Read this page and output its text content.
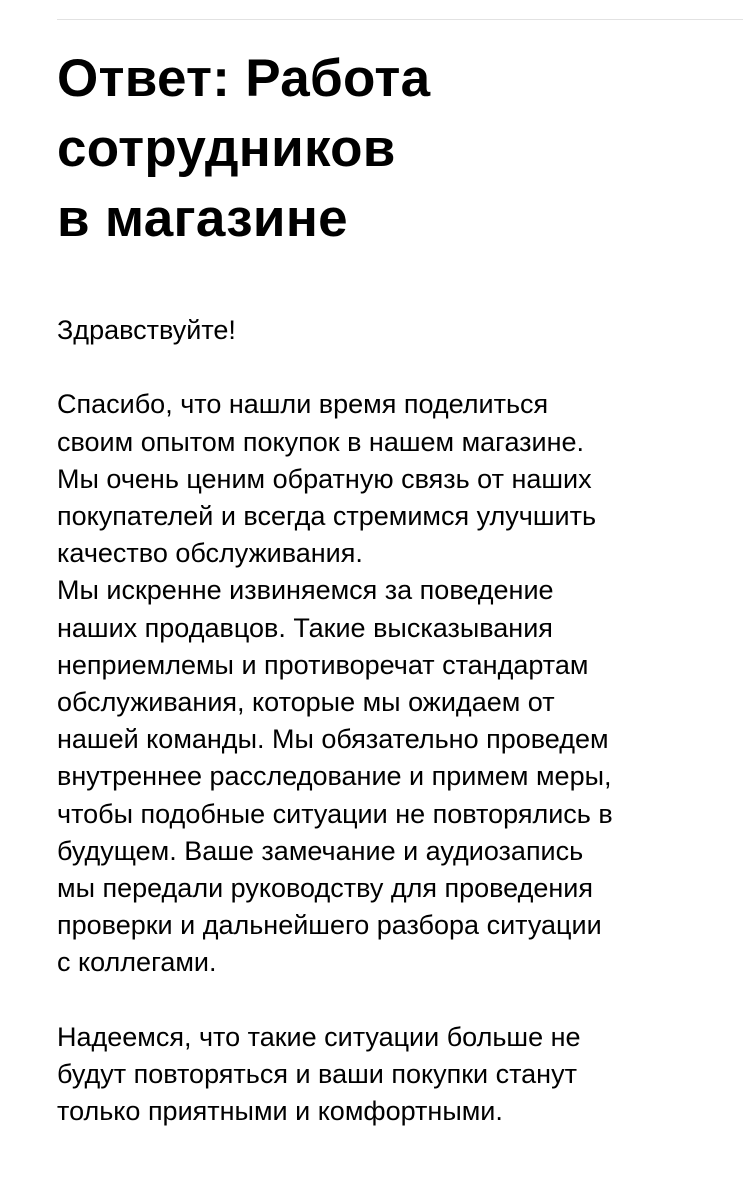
Ответ: Работа
сотрудников
в магазине
Здравствуйте!
Спасибо, что нашли время поделиться
своим опытом покупок в нашем магазине.
Мы очень ценим обратную связь от наших
покупателей и всегда стремимся улучшить
качество обслуживания.
Мы искренне извиняемся за поведение
наших продавцов. Такие высказывания
неприемлемы и противоречат стандартам
обслуживания, которые мы ожидаем от
нашей команды. Мы обязательно проведем
внутреннее расследование и примем меры,
чтобы подобные ситуации не повторялись в
будущем. Ваше замечание и аудиозапись
мы передали руководству для проведения
проверки и дальнейшего разбора ситуации
с коллегами.
Надеемся, что такие ситуации больше не
будут повторяться и ваши покупки станут
только приятными и комфортными.
